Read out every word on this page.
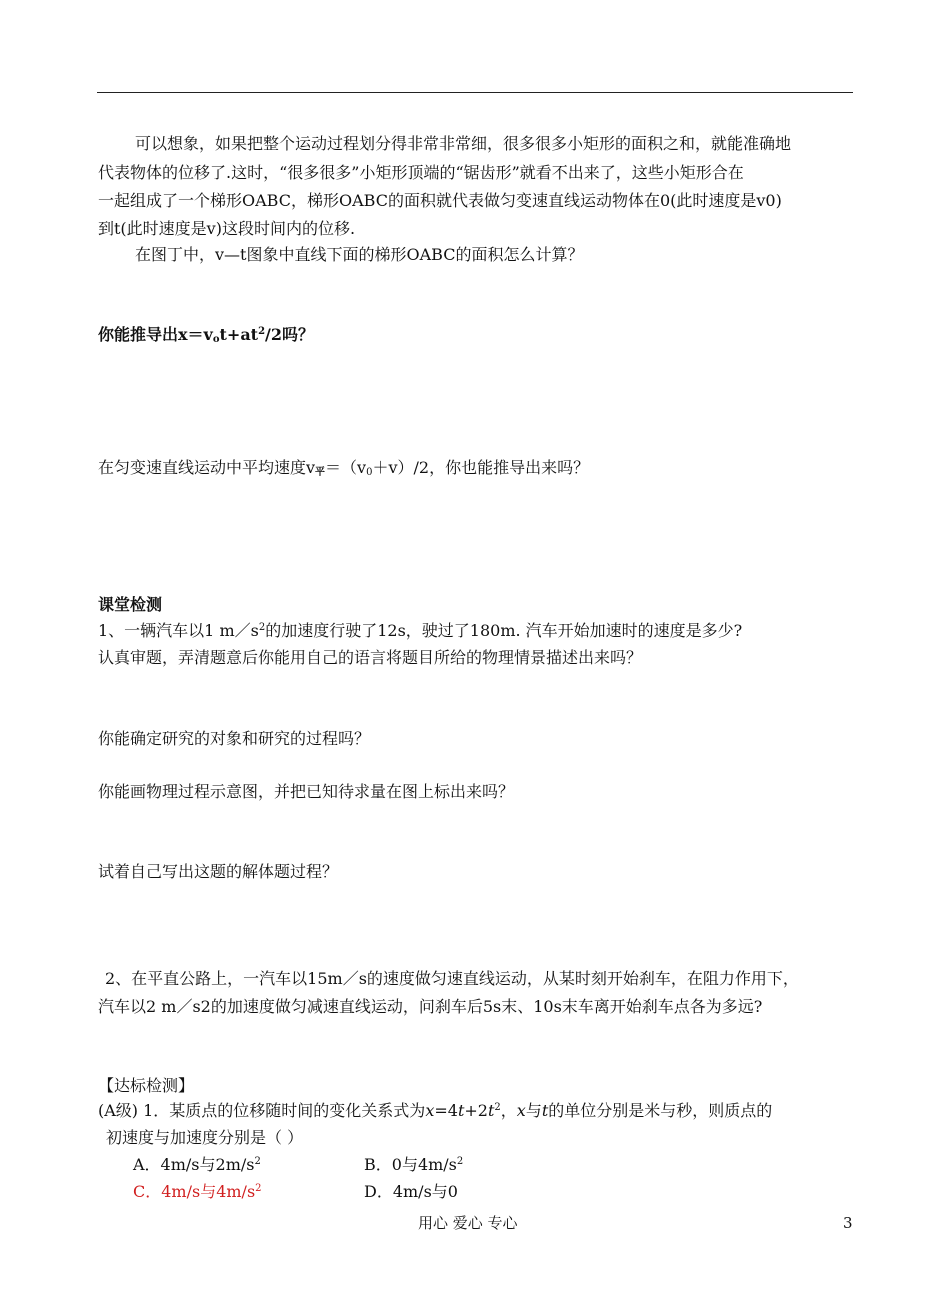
可以想象，如果把整个运动过程划分得非常非常细，很多很多小矩形的面积之和，就能准确地
代表物体的位移了.这时，“很多很多”小矩形顶端的“锯齿形”就看不出来了，这些小矩形合在
一起组成了一个梯形OABC，梯形OABC的面积就代表做匀变速直线运动物体在0(此时速度是v0)
到t(此时速度是v)这段时间内的位移.
在图丁中，v—t图象中直线下面的梯形OABC的面积怎么计算？
你能推导出$x=v_ot+at^2/2$吗？
在匀变速直线运动中平均速度$v_平=(v_0+v)/2$，你也能推导出来吗？
课堂检测
1、一辆汽车以1 $m/s^2$的加速度行驶了12s，驶过了180m. 汽车开始加速时的速度是多少?
认真审题，弄清题意后你能用自己的语言将题目所给的物理情景描述出来吗？
你能确定研究的对象和研究的过程吗？
你能画物理过程示意图，并把已知待求量在图上标出来吗？
试着自己写出这题的解体题过程？
2、在平直公路上，一汽车以15m／s的速度做匀速直线运动，从某时刻开始刹车，在阻力作用下，
汽车以2 m／s2的加速度做匀减速直线运动，问刹车后5s末、10s末车离开始刹车点各为多远?
【达标检测】
(A级) 1．某质点的位移随时间的变化关系式为$x=4t+2t^2$，x与t的单位分别是米与秒，则质点的
初速度与加速度分别是（ ）
A．4m/s与$2m/s^2$	B．0与$4m/s^2$
C．4m/s与$4m/s^2$	D．4m/s与0
用心 爱心 专心	3
